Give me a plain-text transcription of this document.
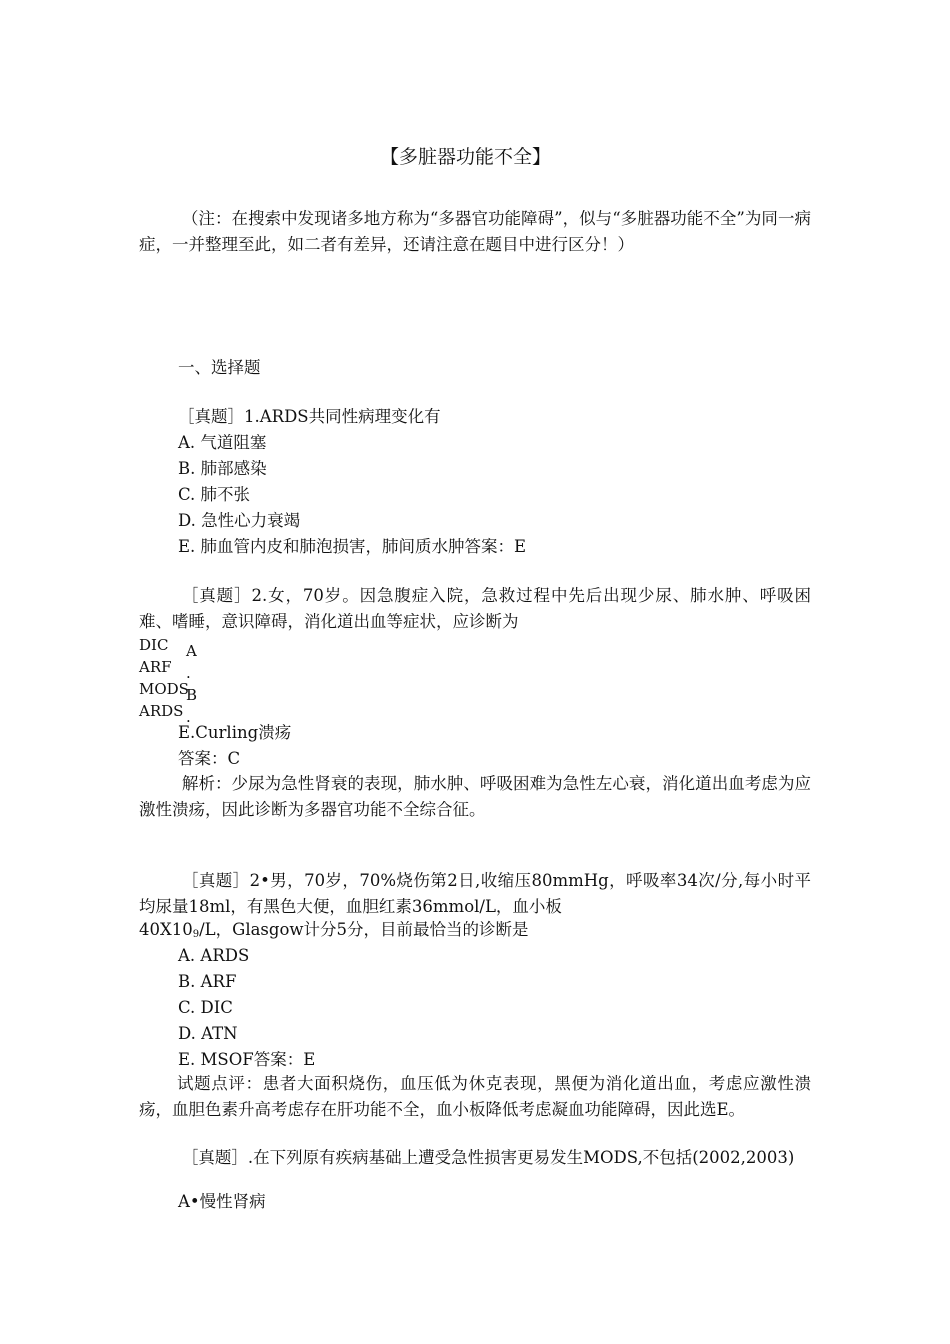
【多脏器功能不全】
（注：在搜索中发现诸多地方称为“多器官功能障碍”，似与“多脏器功能不全”为同一病症，一并整理至此，如二者有差异，还请注意在题目中进行区分！）
一、选择题
［真题］1.ARDS共同性病理变化有
A. 气道阻塞
B. 肺部感染
C. 肺不张
D. 急性心力衰竭
E. 肺血管内皮和肺泡损害，肺间质水肿答案：E
［真题］2.女，70岁。因急腹症入院，急救过程中先后出现少尿、肺水肿、呼吸困难、嗜睡，意识障碍，消化道出血等症状，应诊断为
DIC
ARF
MODS
ARDS
A
.
B
.
E.Curling溃疡
答案：C
解析：少尿为急性肾衰的表现，肺水肿、呼吸困难为急性左心衰，消化道出血考虑为应激性溃疡，因此诊断为多器官功能不全综合征。
［真题］2•男，70岁，70%烧伤第2日,收缩压80mmHg，呼吸率34次/分,每小时平均尿量18ml，有黑色大便，血胆红素36mmol/L，血小板
$40X10_9/L$，Glasgow计分5分，目前最恰当的诊断是
A. ARDS
B. ARF
C. DIC
D. ATN
E. MSOF答案：E
试题点评：患者大面积烧伤，血压低为休克表现，黑便为消化道出血，考虑应激性溃疡，血胆色素升高考虑存在肝功能不全，血小板降低考虑凝血功能障碍，因此选E。
［真题］.在下列原有疾病基础上遭受急性损害更易发生MODS,不包括(2002,2003)
A•慢性肾病
